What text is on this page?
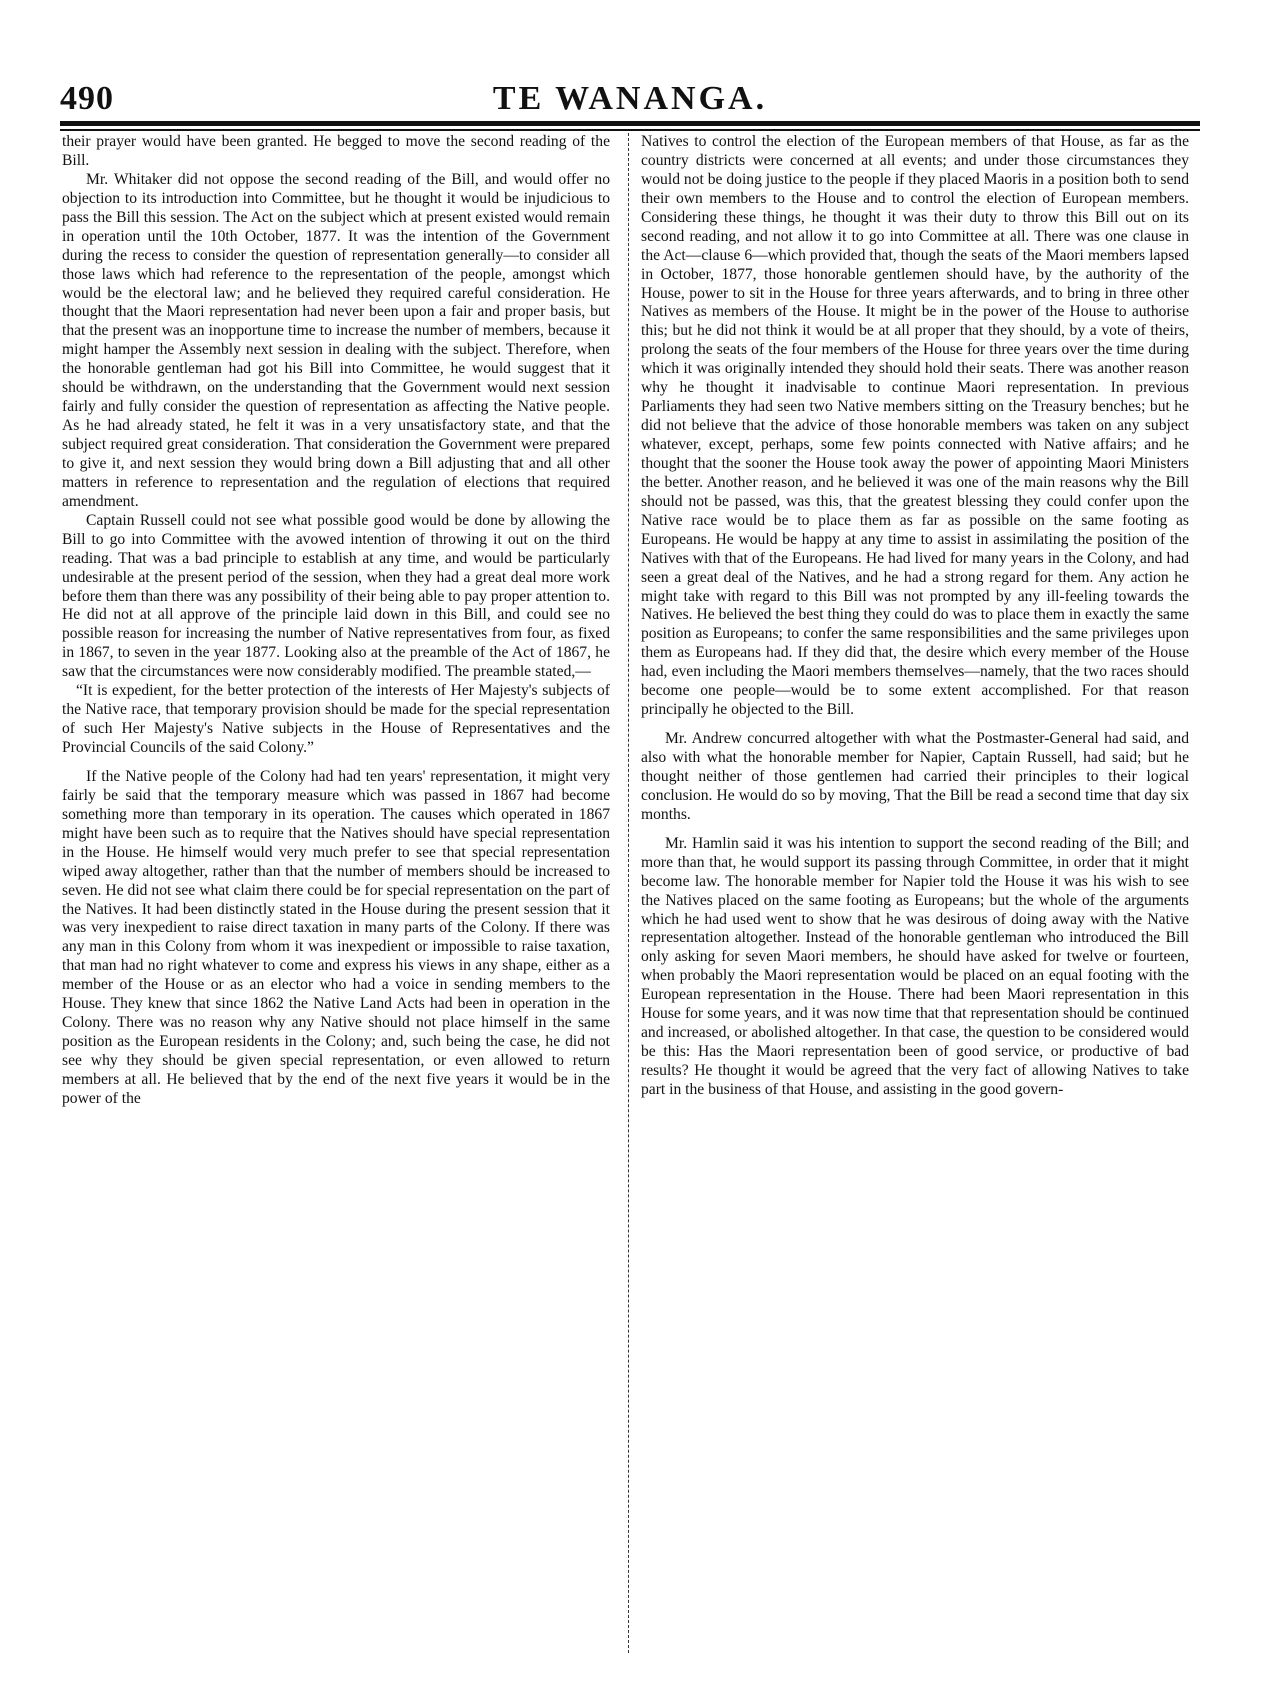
490	TE WANANGA.

their prayer would have been granted. He begged to move the second reading of the Bill.

Mr. Whitaker did not oppose the second reading of the Bill, and would offer no objection to its introduction into Committee, but he thought it would be injudicious to pass the Bill this session. The Act on the subject which at present existed would remain in operation until the 10th October, 1877. It was the intention of the Government during the recess to consider the question of representation generally—to consider all those laws which had reference to the representation of the people, amongst which would be the electoral law; and he believed they required careful consideration. He thought that the Maori representation had never been upon a fair and proper basis, but that the present was an inopportune time to increase the number of members, because it might hamper the Assembly next session in dealing with the subject. Therefore, when the honorable gentleman had got his Bill into Committee, he would suggest that it should be withdrawn, on the understanding that the Government would next session fairly and fully consider the question of representation as affecting the Native people. As he had already stated, he felt it was in a very unsatisfactory state, and that the subject required great consideration. That consideration the Government were prepared to give it, and next session they would bring down a Bill adjusting that and all other matters in reference to representation and the regulation of elections that required amendment.

Captain Russell could not see what possible good would be done by allowing the Bill to go into Committee with the avowed intention of throwing it out on the third reading. That was a bad principle to establish at any time, and would be particularly undesirable at the present period of the session, when they had a great deal more work before them than there was any possibility of their being able to pay proper attention to. He did not at all approve of the principle laid down in this Bill, and could see no possible reason for increasing the number of Native representatives from four, as fixed in 1867, to seven in the year 1877. Looking also at the preamble of the Act of 1867, he saw that the circumstances were now considerably modified. The preamble stated,—

“It is expedient, for the better protection of the interests of Her Majesty's subjects of the Native race, that temporary provision should be made for the special representation of such Her Majesty's Native subjects in the House of Representatives and the Provincial Councils of the said Colony.”

If the Native people of the Colony had had ten years' representation, it might very fairly be said that the temporary measure which was passed in 1867 had become something more than temporary in its operation. The causes which operated in 1867 might have been such as to require that the Natives should have special representation in the House. He himself would very much prefer to see that special representation wiped away altogether, rather than that the number of members should be increased to seven. He did not see what claim there could be for special representation on the part of the Natives. It had been distinctly stated in the House during the present session that it was very inexpedient to raise direct taxation in many parts of the Colony. If there was any man in this Colony from whom it was inexpedient or impossible to raise taxation, that man had no right whatever to come and express his views in any shape, either as a member of the House or as an elector who had a voice in sending members to the House. They knew that since 1862 the Native Land Acts had been in operation in the Colony. There was no reason why any Native should not place himself in the same position as the European residents in the Colony; and, such being the case, he did not see why they should be given special representation, or even allowed to return members at all. He believed that by the end of the next five years it would be in the power of the

Natives to control the election of the European members of that House, as far as the country districts were concerned at all events; and under those circumstances they would not be doing justice to the people if they placed Maoris in a position both to send their own members to the House and to control the election of European members. Considering these things, he thought it was their duty to throw this Bill out on its second reading, and not allow it to go into Committee at all. There was one clause in the Act—clause 6—which provided that, though the seats of the Maori members lapsed in October, 1877, those honorable gentlemen should have, by the authority of the House, power to sit in the House for three years afterwards, and to bring in three other Natives as members of the House. It might be in the power of the House to authorise this; but he did not think it would be at all proper that they should, by a vote of theirs, prolong the seats of the four members of the House for three years over the time during which it was originally intended they should hold their seats. There was another reason why he thought it inadvisable to continue Maori representation. In previous Parliaments they had seen two Native members sitting on the Treasury benches; but he did not believe that the advice of those honorable members was taken on any subject whatever, except, perhaps, some few points connected with Native affairs; and he thought that the sooner the House took away the power of appointing Maori Ministers the better. Another reason, and he believed it was one of the main reasons why the Bill should not be passed, was this, that the greatest blessing they could confer upon the Native race would be to place them as far as possible on the same footing as Europeans. He would be happy at any time to assist in assimilating the position of the Natives with that of the Europeans. He had lived for many years in the Colony, and had seen a great deal of the Natives, and he had a strong regard for them. Any action he might take with regard to this Bill was not prompted by any ill-feeling towards the Natives. He believed the best thing they could do was to place them in exactly the same position as Europeans; to confer the same responsibilities and the same privileges upon them as Europeans had. If they did that, the desire which every member of the House had, even including the Maori members themselves—namely, that the two races should become one people—would be to some extent accomplished. For that reason principally he objected to the Bill.

Mr. Andrew concurred altogether with what the Postmaster-General had said, and also with what the honorable member for Napier, Captain Russell, had said; but he thought neither of those gentlemen had carried their principles to their logical conclusion. He would do so by moving, That the Bill be read a second time that day six months.

Mr. Hamlin said it was his intention to support the second reading of the Bill; and more than that, he would support its passing through Committee, in order that it might become law. The honorable member for Napier told the House it was his wish to see the Natives placed on the same footing as Europeans; but the whole of the arguments which he had used went to show that he was desirous of doing away with the Native representation altogether. Instead of the honorable gentleman who introduced the Bill only asking for seven Maori members, he should have asked for twelve or fourteen, when probably the Maori representation would be placed on an equal footing with the European representation in the House. There had been Maori representation in this House for some years, and it was now time that that representation should be continued and increased, or abolished altogether. In that case, the question to be considered would be this: Has the Maori representation been of good service, or productive of bad results? He thought it would be agreed that the very fact of allowing Natives to take part in the business of that House, and assisting in the good govern-
